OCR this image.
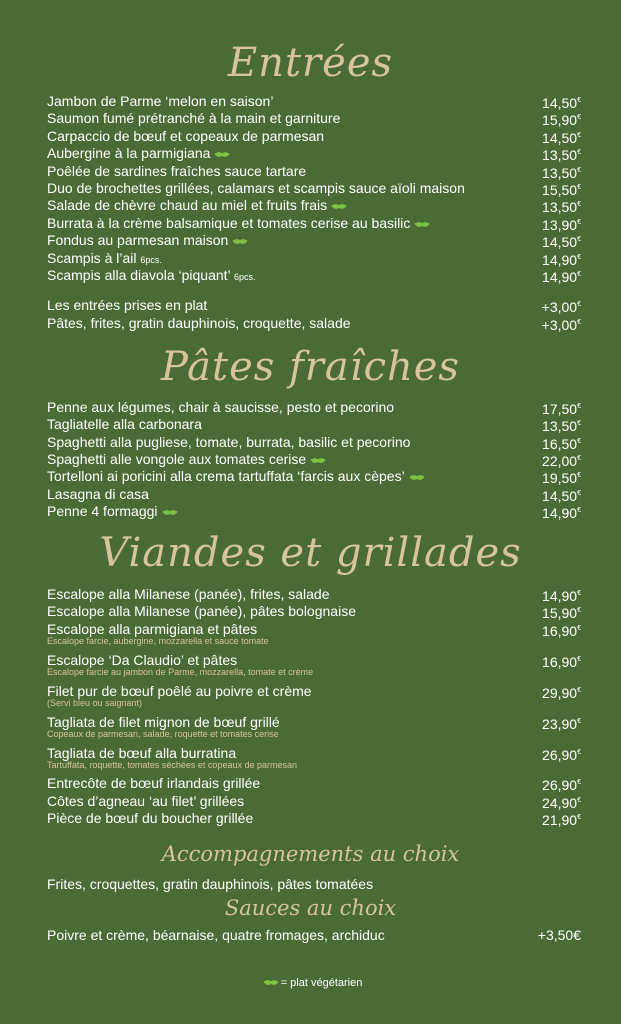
Entrées
Jambon de Parme ‘melon en saison’	14,50€
Saumon fumé prétranché à la main et garniture	15,90€
Carpaccio de bœuf et copeaux de parmesan	14,50€
Aubergine à la parmigiana	13,50€
Poêlée de sardines fraîches sauce tartare	13,50€
Duo de brochettes grillées, calamars et scampis sauce aïoli maison	15,50€
Salade de chèvre chaud au miel et fruits frais	13,50€
Burrata à la crème balsamique et tomates cerise au basilic	13,90€
Fondus au parmesan maison	14,50€
Scampis à l’ail 6pcs.	14,90€
Scampis alla diavola ‘piquant’ 6pcs.	14,90€
Les entrées prises en plat	+3,00€
Pâtes, frites, gratin dauphinois, croquette, salade	+3,00€
Pâtes fraîches
Penne aux légumes, chair à saucisse, pesto et pecorino	17,50€
Tagliatelle alla carbonara	13,50€
Spaghetti alla pugliese, tomate, burrata, basilic et pecorino	16,50€
Spaghetti alle vongole aux tomates cerise	22,00€
Tortelloni ai poricini alla crema tartuffata ‘farcis aux cèpes’	19,50€
Lasagna di casa	14,50€
Penne 4 formaggi	14,90€
Viandes et grillades
Escalope alla Milanese (panée), frites, salade	14,90€
Escalope alla Milanese (panée), pâtes bolognaise	15,90€
Escalope alla parmigiana et pâtes	16,90€
Escalope farcie, aubergine, mozzarella et sauce tomate
Escalope ‘Da Claudio’ et pâtes	16,90€
Escalope farcie au jambon de Parme, mozzarella, tomate et crème
Filet pur de bœuf poêlé au poivre et crème	29,90€
(Servi bleu ou saignant)
Tagliata de filet mignon de bœuf grillé	23,90€
Copeaux de parmesan, salade, roquette et tomates cerise
Tagliata de bœuf alla burratina	26,90€
Tartuffata, roquette, tomates séchées et copeaux de parmesan
Entrecôte de bœuf irlandais grillée	26,90€
Côtes d’agneau ‘au filet’ grillées	24,90€
Pièce de bœuf du boucher grillée	21,90€
Accompagnements au choix
Frites, croquettes, gratin dauphinois, pâtes tomatées
Sauces au choix
Poivre et crème, béarnaise, quatre fromages, archiduc	+3,50€
= plat végétarien
